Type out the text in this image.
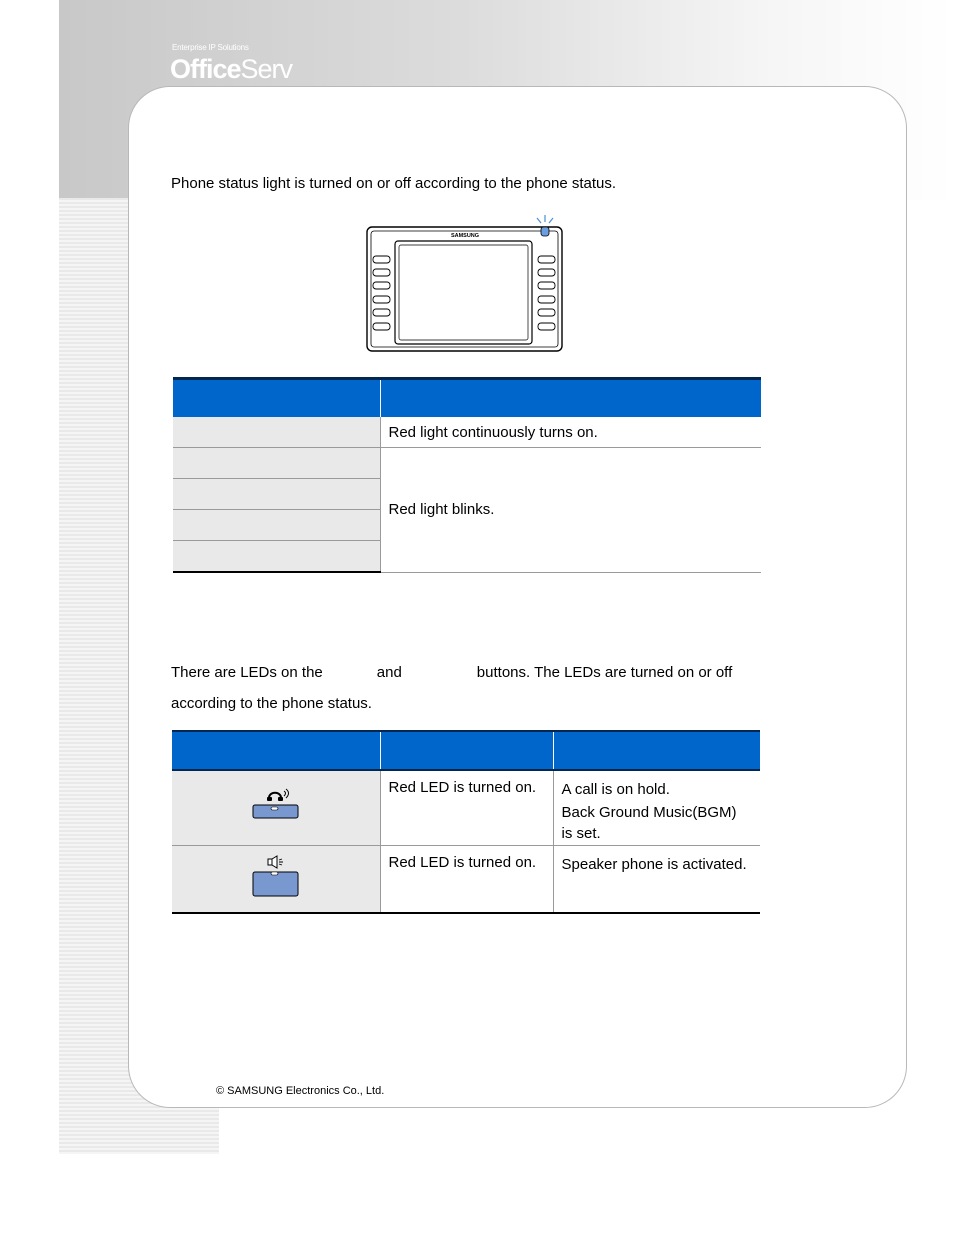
Enterprise IP Solutions
OfficeServ

Phone status light is turned on or off according to the phone status.

SAMSUNG

	Red light continuously turns on.
	Red light blinks.

There are LEDs on the	and	buttons. The LEDs are turned on or off
according to the phone status.

	Red LED is turned on.	A call is on hold.
Back Ground Music(BGM)
is set.

	Red LED is turned on.	Speaker phone is activated.
© SAMSUNG Electronics Co., Ltd.
